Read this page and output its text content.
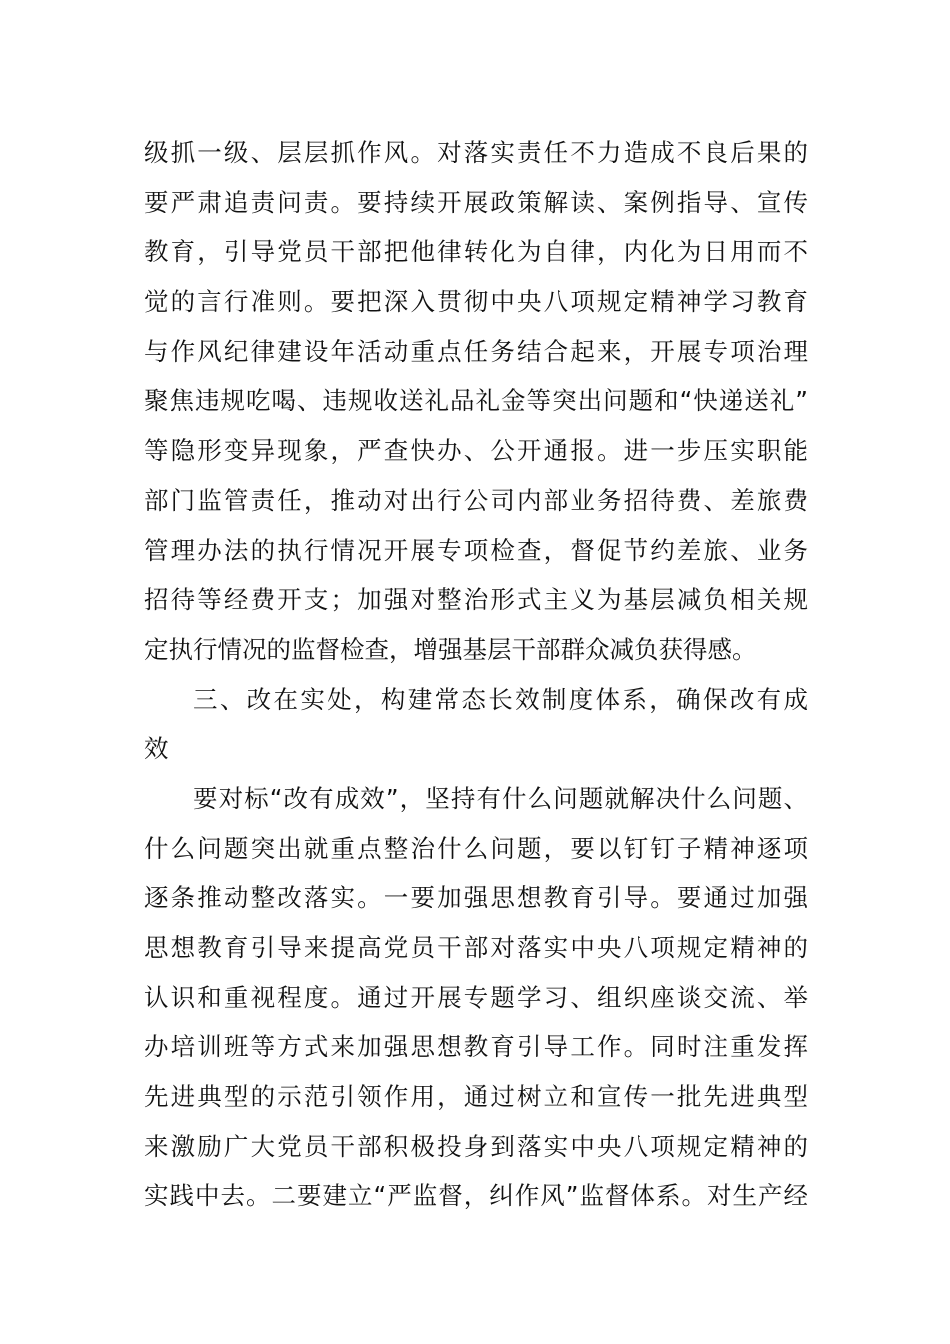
级抓一级、层层抓作风。对落实责任不力造成不良后果的
要严肃追责问责。要持续开展政策解读、案例指导、宣传
教育，引导党员干部把他律转化为自律，内化为日用而不
觉的言行准则。要把深入贯彻中央八项规定精神学习教育
与作风纪律建设年活动重点任务结合起来，开展专项治理
聚焦违规吃喝、违规收送礼品礼金等突出问题和“快递送礼”
等隐形变异现象，严查快办、公开通报。进一步压实职能
部门监管责任，推动对出行公司内部业务招待费、差旅费
管理办法的执行情况开展专项检查，督促节约差旅、业务
招待等经费开支；加强对整治形式主义为基层减负相关规
定执行情况的监督检查，增强基层干部群众减负获得感。
三、改在实处，构建常态长效制度体系，确保改有成
效
要对标“改有成效”，坚持有什么问题就解决什么问题、
什么问题突出就重点整治什么问题，要以钉钉子精神逐项
逐条推动整改落实。一要加强思想教育引导。要通过加强
思想教育引导来提高党员干部对落实中央八项规定精神的
认识和重视程度。通过开展专题学习、组织座谈交流、举
办培训班等方式来加强思想教育引导工作。同时注重发挥
先进典型的示范引领作用，通过树立和宣传一批先进典型
来激励广大党员干部积极投身到落实中央八项规定精神的
实践中去。二要建立“严监督，纠作风”监督体系。对生产经
